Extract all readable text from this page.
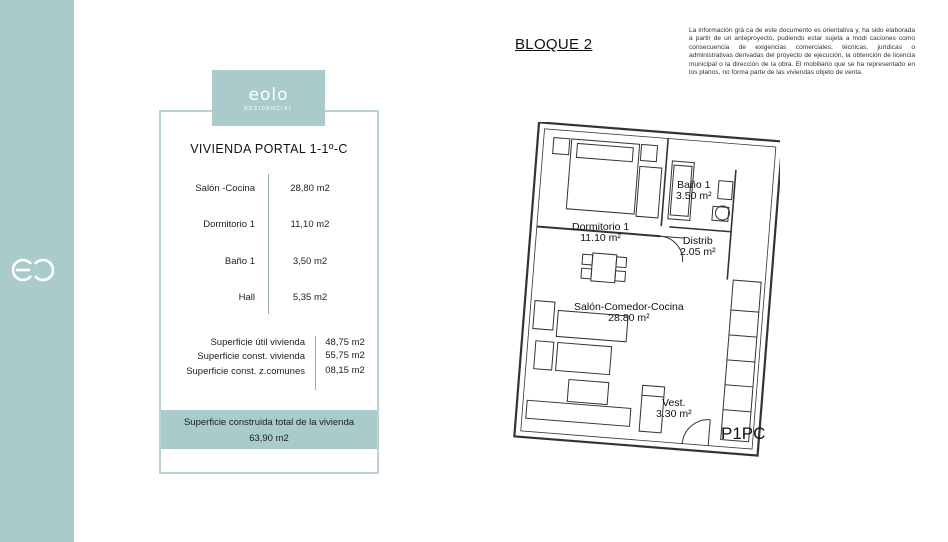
BLOQUE 2
La información grá ca de este documento es orientativa y, ha sido elaborada a partir de un anteproyecto, pudiendo estar sujeta a modi caciones como consecuencia de exigencias comerciales, técnicas, jurídicas o administrativas derivadas del proyecto de ejecución, la obtención de licencia municipal o la dirección de la obra. El mobiliario que se ha representado en los planos, no forma parte de las viviendas objeto de venta.
eolo
RESIDENCIAL
VIVIENDA PORTAL 1-1º-C
Salón -Cocina	28,80 m2
Dormitorio 1	11,10 m2
Baño 1	3,50 m2
Hall	5,35 m2
Superficie útil vivienda	48,75 m2
Superficie const. vivienda	55,75 m2
Superficie const. z.comunes	08,15 m2
Superficie construida total de la vivienda
63,90 m2
Baño 1
3.50 m²
Dormitorio 1
11.10 m²	Distrib
2.05 m²
Salón-Comedor-Cocina
28.80 m²
Vest.
3.30 m²
P1PC
